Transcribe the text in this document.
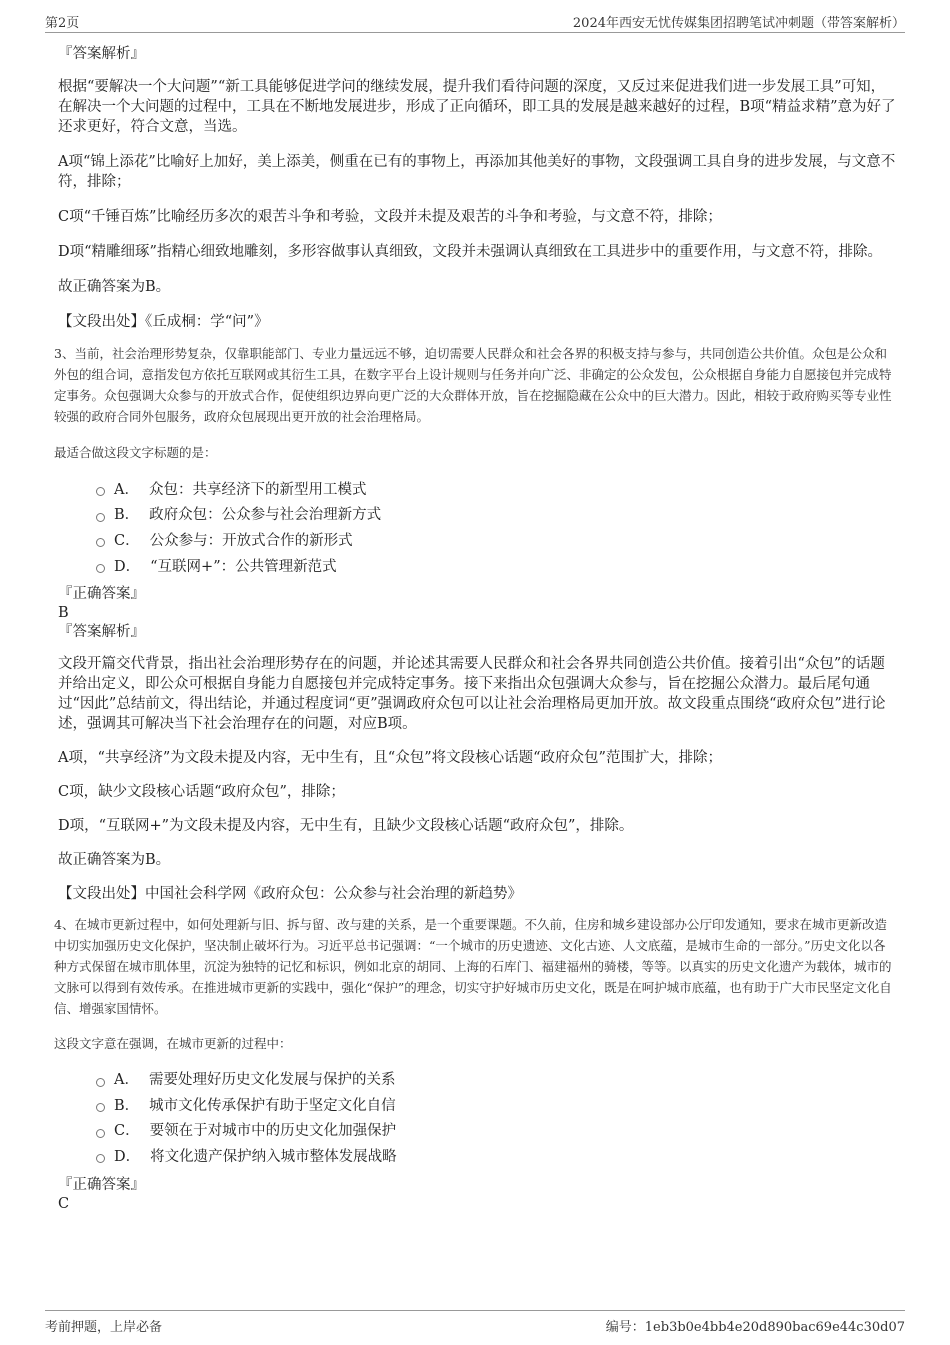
第2页	2024年西安无忧传媒集团招聘笔试冲刺题（带答案解析）

『答案解析』

根据“要解决一个大问题”“新工具能够促进学问的继续发展，提升我们看待问题的深度，又反过来促进我们进一步发展工具”可知，在解决一个大问题的过程中，工具在不断地发展进步，形成了正向循环，即工具的发展是越来越好的过程，B项“精益求精”意为好了还求更好，符合文意，当选。

A项“锦上添花”比喻好上加好，美上添美，侧重在已有的事物上，再添加其他美好的事物，文段强调工具自身的进步发展，与文意不符，排除；

C项“千锤百炼”比喻经历多次的艰苦斗争和考验，文段并未提及艰苦的斗争和考验，与文意不符，排除；

D项“精雕细琢”指精心细致地雕刻，多形容做事认真细致，文段并未强调认真细致在工具进步中的重要作用，与文意不符，排除。

故正确答案为B。

【文段出处】《丘成桐：学“问”》

3、当前，社会治理形势复杂，仅靠职能部门、专业力量远远不够，迫切需要人民群众和社会各界的积极支持与参与，共同创造公共价值。众包是公众和外包的组合词，意指发包方依托互联网或其衍生工具，在数字平台上设计规则与任务并向广泛、非确定的公众发包，公众根据自身能力自愿接包并完成特定事务。众包强调大众参与的开放式合作，促使组织边界向更广泛的大众群体开放，旨在挖掘隐藏在公众中的巨大潜力。因此，相较于政府购买等专业性较强的政府合同外包服务，政府众包展现出更开放的社会治理格局。

最适合做这段文字标题的是：

A． 众包：共享经济下的新型用工模式
B． 政府众包：公众参与社会治理新方式
C． 公众参与：开放式合作的新形式
D． “互联网+”：公共管理新范式

『正确答案』

B

『答案解析』

文段开篇交代背景，指出社会治理形势存在的问题，并论述其需要人民群众和社会各界共同创造公共价值。接着引出“众包”的话题并给出定义，即公众可根据自身能力自愿接包并完成特定事务。接下来指出众包强调大众参与，旨在挖掘公众潜力。最后尾句通过“因此”总结前文，得出结论，并通过程度词“更”强调政府众包可以让社会治理格局更加开放。故文段重点围绕“政府众包”进行论述，强调其可解决当下社会治理存在的问题，对应B项。

A项，“共享经济”为文段未提及内容，无中生有，且“众包”将文段核心话题“政府众包”范围扩大，排除；

C项，缺少文段核心话题“政府众包”，排除；

D项，“互联网+”为文段未提及内容，无中生有，且缺少文段核心话题“政府众包”，排除。

故正确答案为B。

【文段出处】中国社会科学网《政府众包：公众参与社会治理的新趋势》

4、在城市更新过程中，如何处理新与旧、拆与留、改与建的关系，是一个重要课题。不久前，住房和城乡建设部办公厅印发通知，要求在城市更新改造中切实加强历史文化保护，坚决制止破坏行为。习近平总书记强调：“一个城市的历史遗迹、文化古迹、人文底蕴，是城市生命的一部分。”历史文化以各种方式保留在城市肌体里，沉淀为独特的记忆和标识，例如北京的胡同、上海的石库门、福建福州的骑楼，等等。以真实的历史文化遗产为载体，城市的文脉可以得到有效传承。在推进城市更新的实践中，强化“保护”的理念，切实守护好城市历史文化，既是在呵护城市底蕴，也有助于广大市民坚定文化自信、增强家国情怀。

这段文字意在强调，在城市更新的过程中：

A． 需要处理好历史文化发展与保护的关系
B． 城市文化传承保护有助于坚定文化自信
C． 要领在于对城市中的历史文化加强保护
D． 将文化遗产保护纳入城市整体发展战略

『正确答案』

C

考前押题，上岸必备	编号：1eb3b0e4bb4e20d890bac69e44c30d07
